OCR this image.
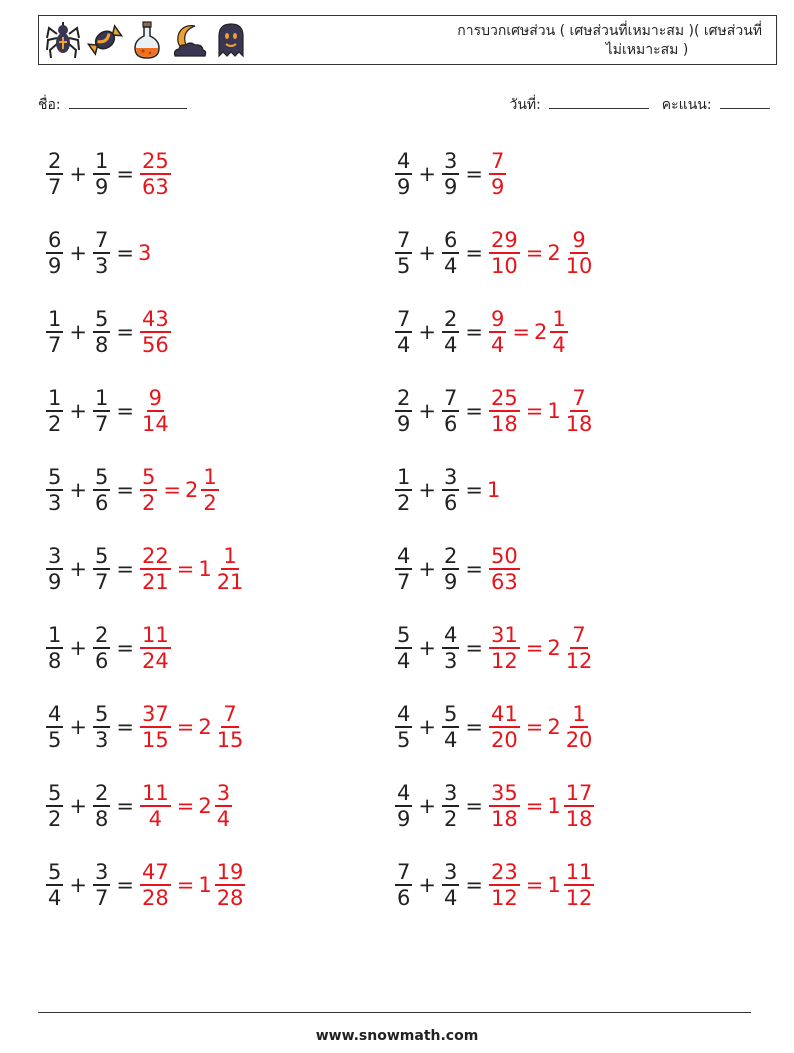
การบวกเศษส่วน ( เศษส่วนที่เหมาะสม )( เศษส่วนที่
ไม่เหมาะสม )
ชื่อ:	วันที่:	คะแนน:
$\frac{2}{7} + \frac{1}{9} = \frac{25}{63}$	$\frac{4}{9} + \frac{3}{9} = \frac{7}{9}$
$\frac{6}{9} + \frac{7}{3} = 3$	$\frac{7}{5} + \frac{6}{4} = \frac{29}{10} = 2 \frac{9}{10}$
$\frac{1}{7} + \frac{5}{8} = \frac{43}{56}$	$\frac{7}{4} + \frac{2}{4} = \frac{9}{4} = 2 \frac{1}{4}$
$\frac{1}{2} + \frac{1}{7} = \frac{9}{14}$	$\frac{2}{9} + \frac{7}{6} = \frac{25}{18} = 1 \frac{7}{18}$
$\frac{5}{3} + \frac{5}{6} = \frac{5}{2} = 2 \frac{1}{2}$	$\frac{1}{2} + \frac{3}{6} = 1$
$\frac{3}{9} + \frac{5}{7} = \frac{22}{21} = 1 \frac{1}{21}$	$\frac{4}{7} + \frac{2}{9} = \frac{50}{63}$
$\frac{1}{8} + \frac{2}{6} = \frac{11}{24}$	$\frac{5}{4} + \frac{4}{3} = \frac{31}{12} = 2 \frac{7}{12}$
$\frac{4}{5} + \frac{5}{3} = \frac{37}{15} = 2 \frac{7}{15}$	$\frac{4}{5} + \frac{5}{4} = \frac{41}{20} = 2 \frac{1}{20}$
$\frac{5}{2} + \frac{2}{8} = \frac{11}{4} = 2 \frac{3}{4}$	$\frac{4}{9} + \frac{3}{2} = \frac{35}{18} = 1 \frac{17}{18}$
$\frac{5}{4} + \frac{3}{7} = \frac{47}{28} = 1 \frac{19}{28}$	$\frac{7}{6} + \frac{3}{4} = \frac{23}{12} = 1 \frac{11}{12}$
www.snowmath.com
